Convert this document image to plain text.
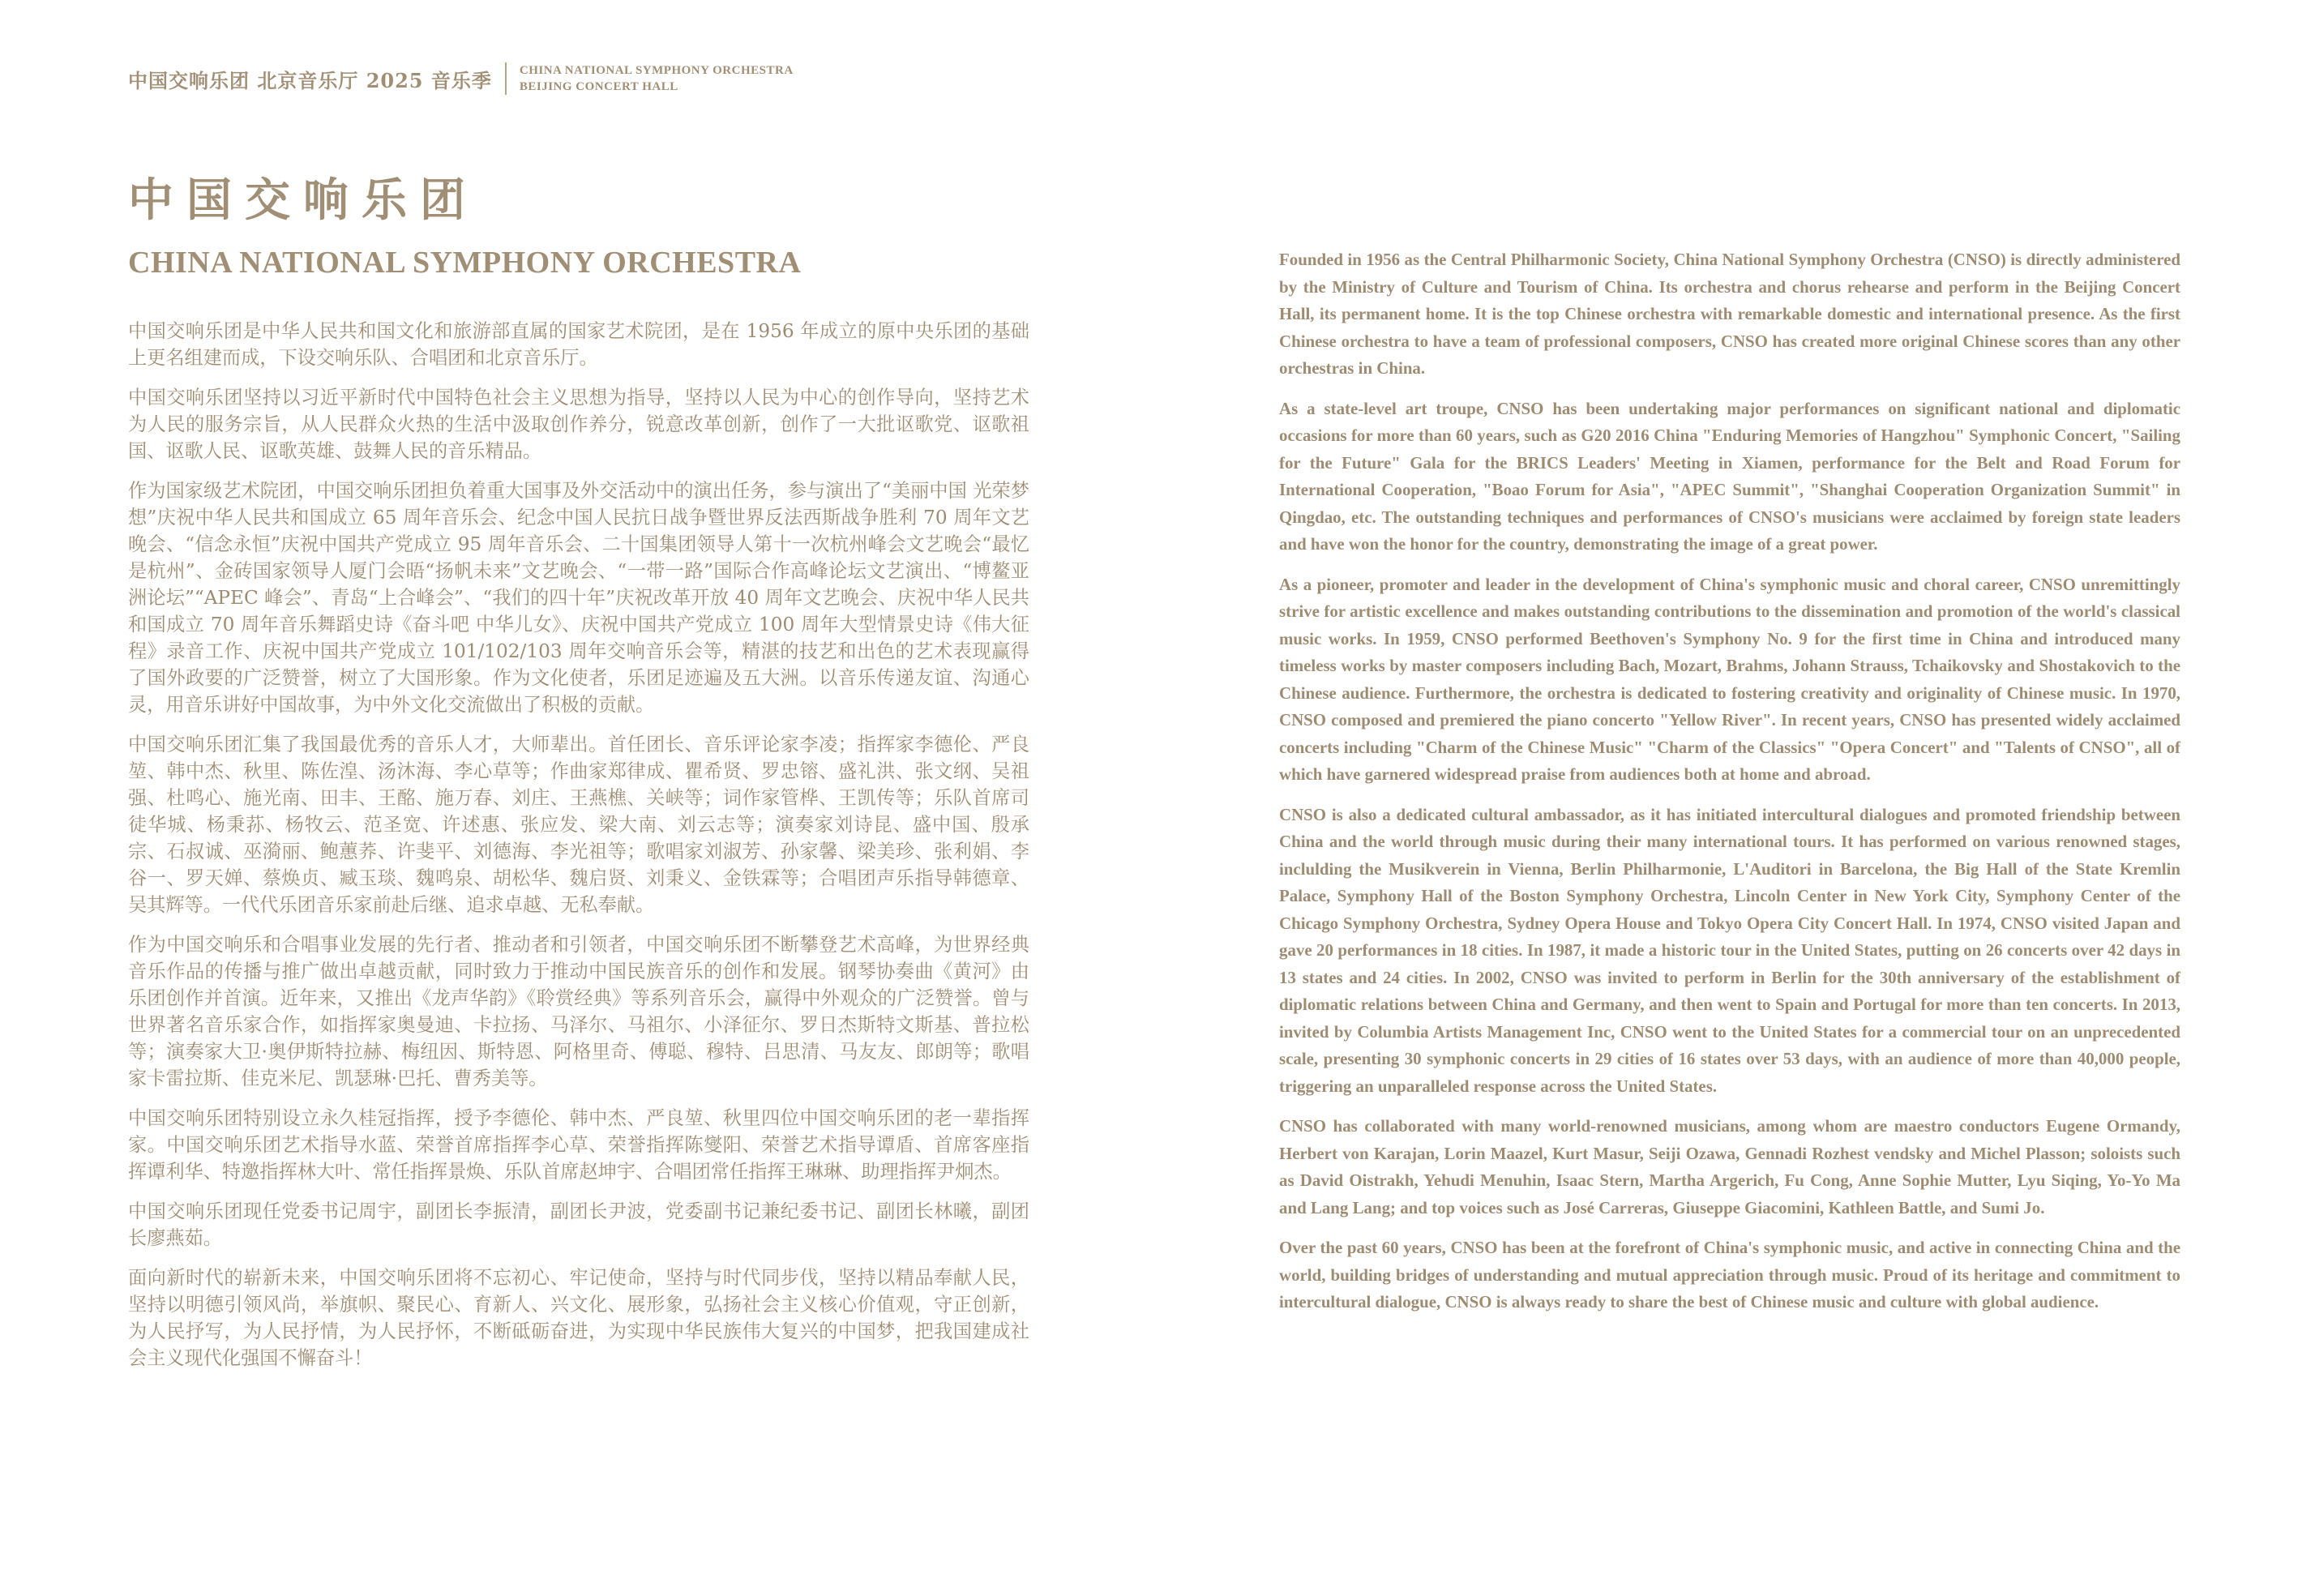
中国交响乐团 北京音乐厅 2025 音乐季 CHINA NATIONAL SYMPHONY ORCHESTRA
BEIJING CONCERT HALL
中国交响乐团
CHINA NATIONAL SYMPHONY ORCHESTRA

中国交响乐团是中华人民共和国文化和旅游部直属的国家艺术院团，是在 1956 年成立的原中央乐团的基础上更名组建而成，下设交响乐队、合唱团和北京音乐厅。

中国交响乐团坚持以习近平新时代中国特色社会主义思想为指导，坚持以人民为中心的创作导向，坚持艺术为人民的服务宗旨，从人民群众火热的生活中汲取创作养分，锐意改革创新，创作了一大批讴歌党、讴歌祖国、讴歌人民、讴歌英雄、鼓舞人民的音乐精品。

作为国家级艺术院团，中国交响乐团担负着重大国事及外交活动中的演出任务，参与演出了“美丽中国 光荣梦想”庆祝中华人民共和国成立 65 周年音乐会、纪念中国人民抗日战争暨世界反法西斯战争胜利 70 周年文艺晚会、“信念永恒”庆祝中国共产党成立 95 周年音乐会、二十国集团领导人第十一次杭州峰会文艺晚会“最忆是杭州”、金砖国家领导人厦门会晤“扬帆未来”文艺晚会、“一带一路”国际合作高峰论坛文艺演出、“博鳌亚洲论坛”“APEC 峰会”、青岛“上合峰会”、“我们的四十年”庆祝改革开放 40 周年文艺晚会、庆祝中华人民共和国成立 70 周年音乐舞蹈史诗《奋斗吧 中华儿女》、庆祝中国共产党成立 100 周年大型情景史诗《伟大征程》录音工作、庆祝中国共产党成立 101/102/103 周年交响音乐会等，精湛的技艺和出色的艺术表现赢得了国外政要的广泛赞誉，树立了大国形象。作为文化使者，乐团足迹遍及五大洲。以音乐传递友谊、沟通心灵，用音乐讲好中国故事，为中外文化交流做出了积极的贡献。

中国交响乐团汇集了我国最优秀的音乐人才，大师辈出。首任团长、音乐评论家李凌；指挥家李德伦、严良堃、韩中杰、秋里、陈佐湟、汤沐海、李心草等；作曲家郑律成、瞿希贤、罗忠镕、盛礼洪、张文纲、吴祖强、杜鸣心、施光南、田丰、王酩、施万春、刘庄、王燕樵、关峡等；词作家管桦、王凯传等；乐队首席司徒华城、杨秉荪、杨牧云、范圣宽、许述惠、张应发、梁大南、刘云志等；演奏家刘诗昆、盛中国、殷承宗、石叔诚、巫漪丽、鲍蕙荞、许斐平、刘德海、李光祖等；歌唱家刘淑芳、孙家馨、梁美珍、张利娟、李谷一、罗天婵、蔡焕贞、臧玉琰、魏鸣泉、胡松华、魏启贤、刘秉义、金铁霖等；合唱团声乐指导韩德章、吴其辉等。一代代乐团音乐家前赴后继、追求卓越、无私奉献。

作为中国交响乐和合唱事业发展的先行者、推动者和引领者，中国交响乐团不断攀登艺术高峰，为世界经典音乐作品的传播与推广做出卓越贡献，同时致力于推动中国民族音乐的创作和发展。钢琴协奏曲《黄河》由乐团创作并首演。近年来，又推出《龙声华韵》《聆赏经典》等系列音乐会，赢得中外观众的广泛赞誉。曾与世界著名音乐家合作，如指挥家奥曼迪、卡拉扬、马泽尔、马祖尔、小泽征尔、罗日杰斯特文斯基、普拉松等；演奏家大卫·奥伊斯特拉赫、梅纽因、斯特恩、阿格里奇、傅聪、穆特、吕思清、马友友、郎朗等；歌唱家卡雷拉斯、佳克米尼、凯瑟琳·巴托、曹秀美等。

中国交响乐团特别设立永久桂冠指挥，授予李德伦、韩中杰、严良堃、秋里四位中国交响乐团的老一辈指挥家。中国交响乐团艺术指导水蓝、荣誉首席指挥李心草、荣誉指挥陈燮阳、荣誉艺术指导谭盾、首席客座指挥谭利华、特邀指挥林大叶、常任指挥景焕、乐队首席赵坤宇、合唱团常任指挥王琳琳、助理指挥尹炯杰。

中国交响乐团现任党委书记周宇，副团长李振清，副团长尹波，党委副书记兼纪委书记、副团长林曦，副团长廖燕茹。

面向新时代的崭新未来，中国交响乐团将不忘初心、牢记使命，坚持与时代同步伐，坚持以精品奉献人民，坚持以明德引领风尚，举旗帜、聚民心、育新人、兴文化、展形象，弘扬社会主义核心价值观，守正创新，为人民抒写，为人民抒情，为人民抒怀，不断砥砺奋进，为实现中华民族伟大复兴的中国梦，把我国建成社会主义现代化强国不懈奋斗！

Founded in 1956 as the Central Philharmonic Society, China National Symphony Orchestra (CNSO) is directly administered by the Ministry of Culture and Tourism of China. Its orchestra and chorus rehearse and perform in the Beijing Concert Hall, its permanent home. It is the top Chinese orchestra with remarkable domestic and international presence. As the first Chinese orchestra to have a team of professional composers, CNSO has created more original Chinese scores than any other orchestras in China.

As a state-level art troupe, CNSO has been undertaking major performances on significant national and diplomatic occasions for more than 60 years, such as G20 2016 China "Enduring Memories of Hangzhou" Symphonic Concert, "Sailing for the Future" Gala for the BRICS Leaders' Meeting in Xiamen, performance for the Belt and Road Forum for International Cooperation, "Boao Forum for Asia", "APEC Summit", "Shanghai Cooperation Organization Summit" in Qingdao, etc. The outstanding techniques and performances of CNSO's musicians were acclaimed by foreign state leaders and have won the honor for the country, demonstrating the image of a great power.

As a pioneer, promoter and leader in the development of China's symphonic music and choral career, CNSO unremittingly strive for artistic excellence and makes outstanding contributions to the dissemination and promotion of the world's classical music works. In 1959, CNSO performed Beethoven's Symphony No. 9 for the first time in China and introduced many timeless works by master composers including Bach, Mozart, Brahms, Johann Strauss, Tchaikovsky and Shostakovich to the Chinese audience. Furthermore, the orchestra is dedicated to fostering creativity and originality of Chinese music. In 1970, CNSO composed and premiered the piano concerto "Yellow River". In recent years, CNSO has presented widely acclaimed concerts including "Charm of the Chinese Music" "Charm of the Classics" "Opera Concert" and "Talents of CNSO", all of which have garnered widespread praise from audiences both at home and abroad.

CNSO is also a dedicated cultural ambassador, as it has initiated intercultural dialogues and promoted friendship between China and the world through music during their many international tours. It has performed on various renowned stages, inclulding the Musikverein in Vienna, Berlin Philharmonie, L'Auditori in Barcelona, the Big Hall of the State Kremlin Palace, Symphony Hall of the Boston Symphony Orchestra, Lincoln Center in New York City, Symphony Center of the Chicago Symphony Orchestra, Sydney Opera House and Tokyo Opera City Concert Hall. In 1974, CNSO visited Japan and gave 20 performances in 18 cities. In 1987, it made a historic tour in the United States, putting on 26 concerts over 42 days in 13 states and 24 cities. In 2002, CNSO was invited to perform in Berlin for the 30th anniversary of the establishment of diplomatic relations between China and Germany, and then went to Spain and Portugal for more than ten concerts. In 2013, invited by Columbia Artists Management Inc, CNSO went to the United States for a commercial tour on an unprecedented scale, presenting 30 symphonic concerts in 29 cities of 16 states over 53 days, with an audience of more than 40,000 people, triggering an unparalleled response across the United States.

CNSO has collaborated with many world-renowned musicians, among whom are maestro conductors Eugene Ormandy, Herbert von Karajan, Lorin Maazel, Kurt Masur, Seiji Ozawa, Gennadi Rozhest vendsky and Michel Plasson; soloists such as David Oistrakh, Yehudi Menuhin, Isaac Stern, Martha Argerich, Fu Cong, Anne Sophie Mutter, Lyu Siqing, Yo-Yo Ma and Lang Lang; and top voices such as José Carreras, Giuseppe Giacomini, Kathleen Battle, and Sumi Jo.

Over the past 60 years, CNSO has been at the forefront of China's symphonic music, and active in connecting China and the world, building bridges of understanding and mutual appreciation through music. Proud of its heritage and commitment to intercultural dialogue, CNSO is always ready to share the best of Chinese music and culture with global audience.
